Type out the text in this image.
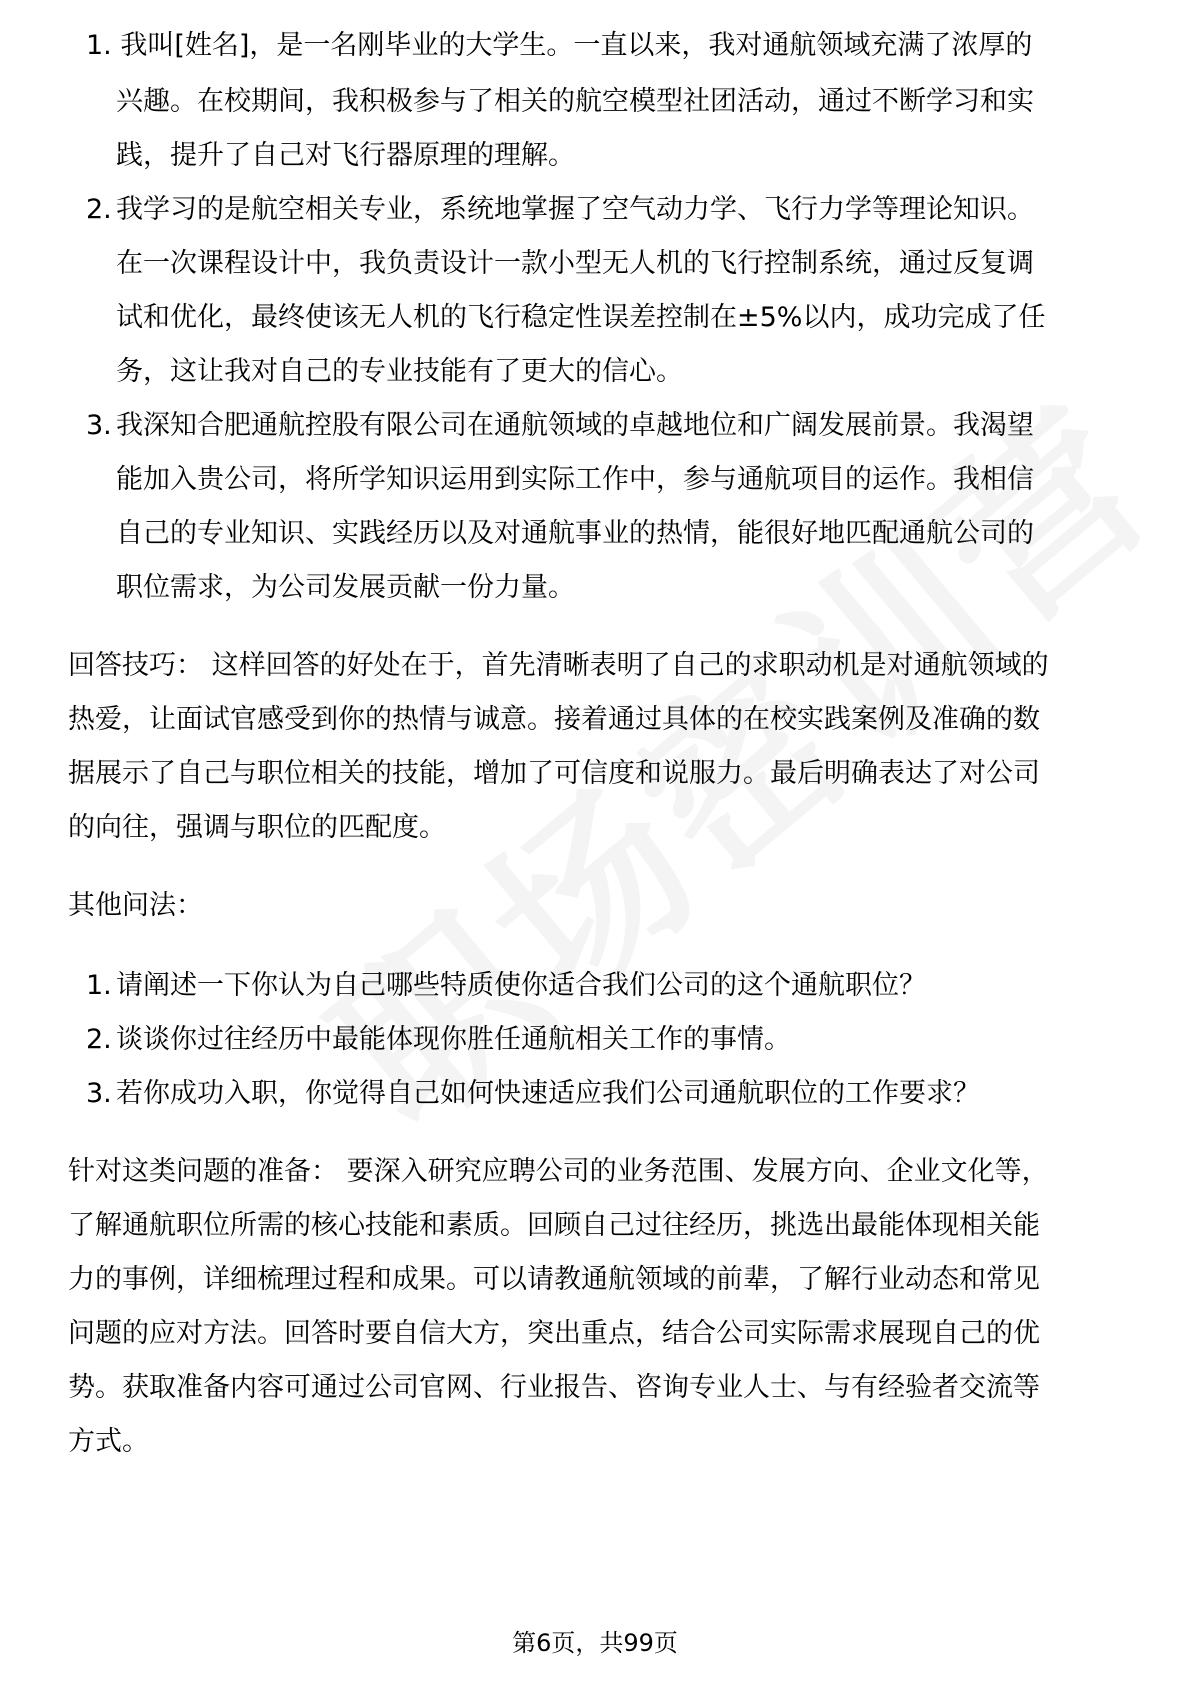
1. 我叫[姓名]，是一名刚毕业的大学生。一直以来，我对通航领域充满了浓厚的
兴趣。在校期间，我积极参与了相关的航空模型社团活动，通过不断学习和实
践，提升了自己对飞行器原理的理解。
2. 我学习的是航空相关专业，系统地掌握了空气动力学、飞行力学等理论知识。
在一次课程设计中，我负责设计一款小型无人机的飞行控制系统，通过反复调
试和优化，最终使该无人机的飞行稳定性误差控制在±5%以内，成功完成了任
务，这让我对自己的专业技能有了更大的信心。
3. 我深知合肥通航控股有限公司在通航领域的卓越地位和广阔发展前景。我渴望
能加入贵公司，将所学知识运用到实际工作中，参与通航项目的运作。我相信
自己的专业知识、实践经历以及对通航事业的热情，能很好地匹配通航公司的
职位需求，为公司发展贡献一份力量。
回答技巧： 这样回答的好处在于，首先清晰表明了自己的求职动机是对通航领域的
热爱，让面试官感受到你的热情与诚意。接着通过具体的在校实践案例及准确的数
据展示了自己与职位相关的技能，增加了可信度和说服力。最后明确表达了对公司
的向往，强调与职位的匹配度。
其他问法：
1. 请阐述一下你认为自己哪些特质使你适合我们公司的这个通航职位？
2. 谈谈你过往经历中最能体现你胜任通航相关工作的事情。
3. 若你成功入职，你觉得自己如何快速适应我们公司通航职位的工作要求？
针对这类问题的准备： 要深入研究应聘公司的业务范围、发展方向、企业文化等，
了解通航职位所需的核心技能和素质。回顾自己过往经历，挑选出最能体现相关能
力的事例，详细梳理过程和成果。可以请教通航领域的前辈，了解行业动态和常见
问题的应对方法。回答时要自信大方，突出重点，结合公司实际需求展现自己的优
势。获取准备内容可通过公司官网、行业报告、咨询专业人士、与有经验者交流等
方式。
第6页，共99页
